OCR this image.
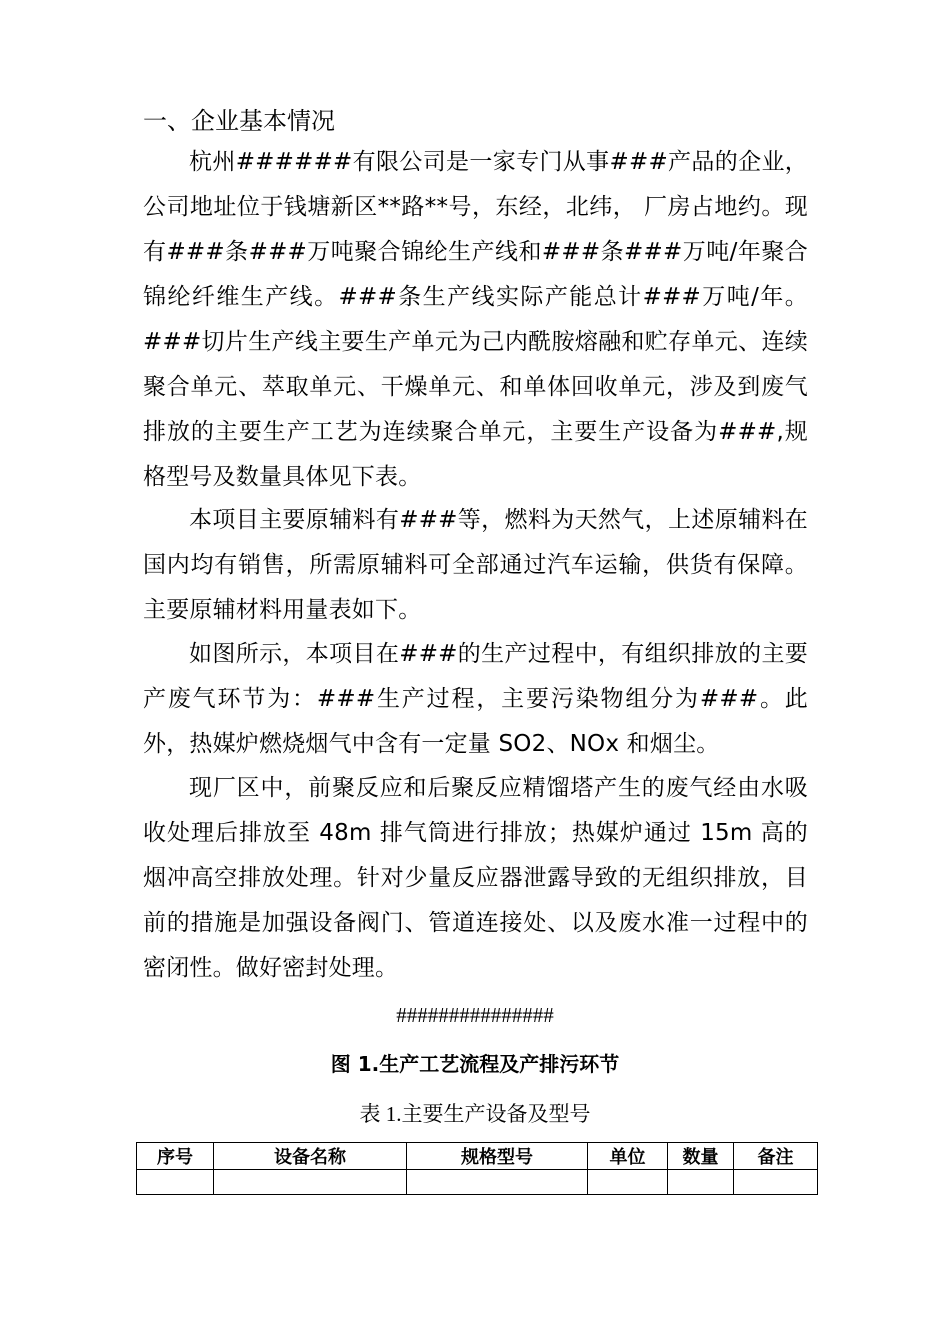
一、企业基本情况

杭州######有限公司是一家专门从事###产品的企业，公司地址位于钱塘新区**路**号，东经，北纬， 厂房占地约。现有###条###万吨聚合锦纶生产线和###条###万吨/年聚合锦纶纤维生产线。###条生产线实际产能总计###万吨/年。###切片生产线主要生产单元为己内酰胺熔融和贮存单元、连续聚合单元、萃取单元、干燥单元、和单体回收单元，涉及到废气排放的主要生产工艺为连续聚合单元，主要生产设备为###,规格型号及数量具体见下表。

本项目主要原辅料有###等，燃料为天然气，上述原辅料在国内均有销售，所需原辅料可全部通过汽车运输，供货有保障。主要原辅材料用量表如下。

如图所示，本项目在###的生产过程中，有组织排放的主要产废气环节为：###生产过程，主要污染物组分为###。此外，热媒炉燃烧烟气中含有一定量 SO2、NOx 和烟尘。

现厂区中，前聚反应和后聚反应精馏塔产生的废气经由水吸收处理后排放至 48m 排气筒进行排放；热媒炉通过 15m 高的烟冲高空排放处理。针对少量反应器泄露导致的无组织排放，目前的措施是加强设备阀门、管道连接处、以及废水准一过程中的密闭性。做好密封处理。

###############
图 1.生产工艺流程及产排污环节
表 1.主要生产设备及型号
序号	设备名称	规格型号	单位	数量	备注
